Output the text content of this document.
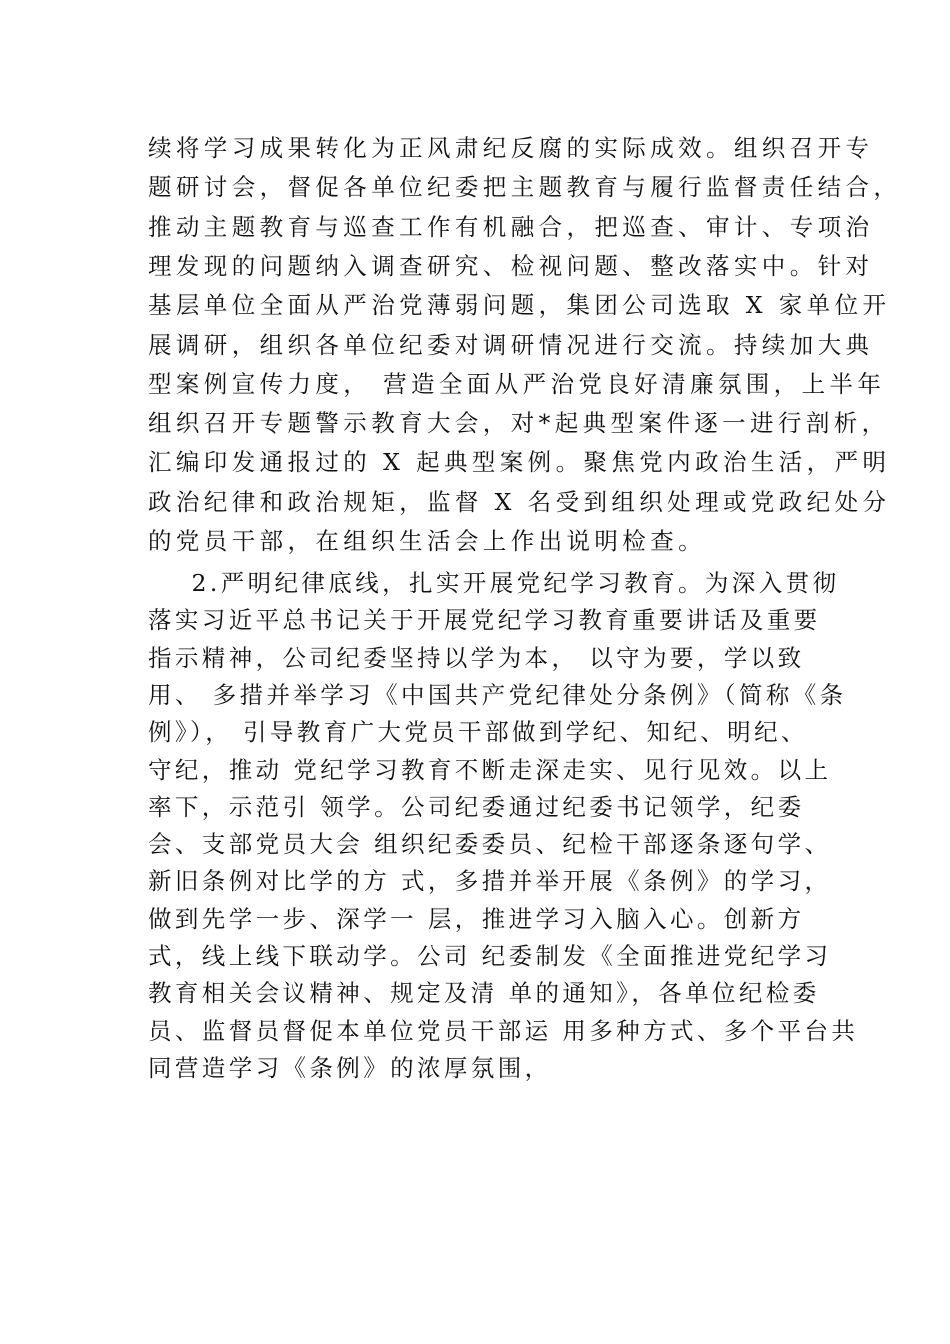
续将学习成果转化为正风肃纪反腐的实际成效。组织召开专
题研讨会，督促各单位纪委把主题教育与履行监督责任结合，
推动主题教育与巡查工作有机融合，把巡查、审计、专项治
理发现的问题纳入调查研究、检视问题、整改落实中。针对
基层单位全面从严治党薄弱问题，集团公司选取 X 家单位开
展调研，组织各单位纪委对调研情况进行交流。持续加大典
型案例宣传力度， 营造全面从严治党良好清廉氛围，上半年
组织召开专题警示教育大会，对*起典型案件逐一进行剖析，
汇编印发通报过的 X 起典型案例。聚焦党内政治生活，严明
政治纪律和政治规矩，监督 X 名受到组织处理或党政纪处分
的党员干部，在组织生活会上作出说明检查。
2.严明纪律底线，扎实开展党纪学习教育。为深入贯彻
落实习近平总书记关于开展党纪学习教育重要讲话及重要
指示精神，公司纪委坚持以学为本， 以守为要，学以致
用、 多措并举学习《中国共产党纪律处分条例》（简称《条
例》）， 引导教育广大党员干部做到学纪、知纪、明纪、
守纪，推动 党纪学习教育不断走深走实、见行见效。以上
率下，示范引 领学。公司纪委通过纪委书记领学，纪委
会、支部党员大会 组织纪委委员、纪检干部逐条逐句学、
新旧条例对比学的方 式，多措并举开展《条例》的学习，
做到先学一步、深学一 层，推进学习入脑入心。创新方
式，线上线下联动学。公司 纪委制发《全面推进党纪学习
教育相关会议精神、规定及清 单的通知》，各单位纪检委
员、监督员督促本单位党员干部运 用多种方式、多个平台共
同营造学习《条例》的浓厚氛围，
